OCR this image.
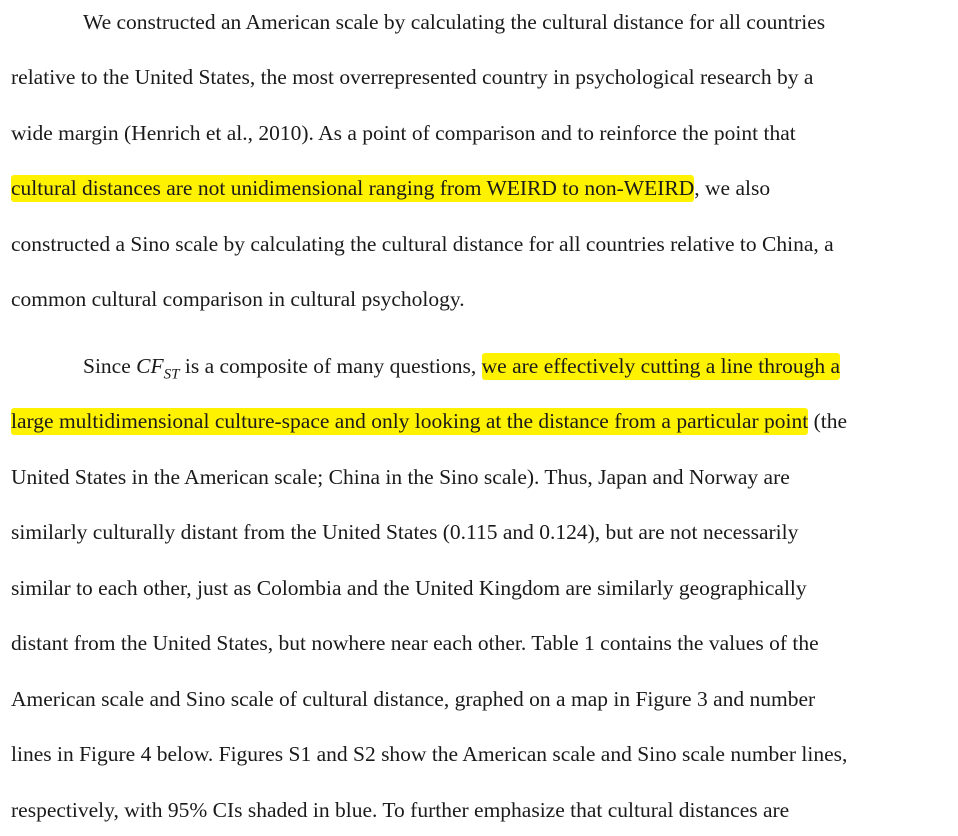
We constructed an American scale by calculating the cultural distance for all countries
relative to the United States, the most overrepresented country in psychological research by a
wide margin (Henrich et al., 2010). As a point of comparison and to reinforce the point that
cultural distances are not unidimensional ranging from WEIRD to non-WEIRD, we also
constructed a Sino scale by calculating the cultural distance for all countries relative to China, a
common cultural comparison in cultural psychology.
Since $CF_{ST}$ is a composite of many questions, we are effectively cutting a line through a
large multidimensional culture-space and only looking at the distance from a particular point (the
United States in the American scale; China in the Sino scale). Thus, Japan and Norway are
similarly culturally distant from the United States (0.115 and 0.124), but are not necessarily
similar to each other, just as Colombia and the United Kingdom are similarly geographically
distant from the United States, but nowhere near each other. Table 1 contains the values of the
American scale and Sino scale of cultural distance, graphed on a map in Figure 3 and number
lines in Figure 4 below. Figures S1 and S2 show the American scale and Sino scale number lines,
respectively, with 95% CIs shaded in blue. To further emphasize that cultural distances are
